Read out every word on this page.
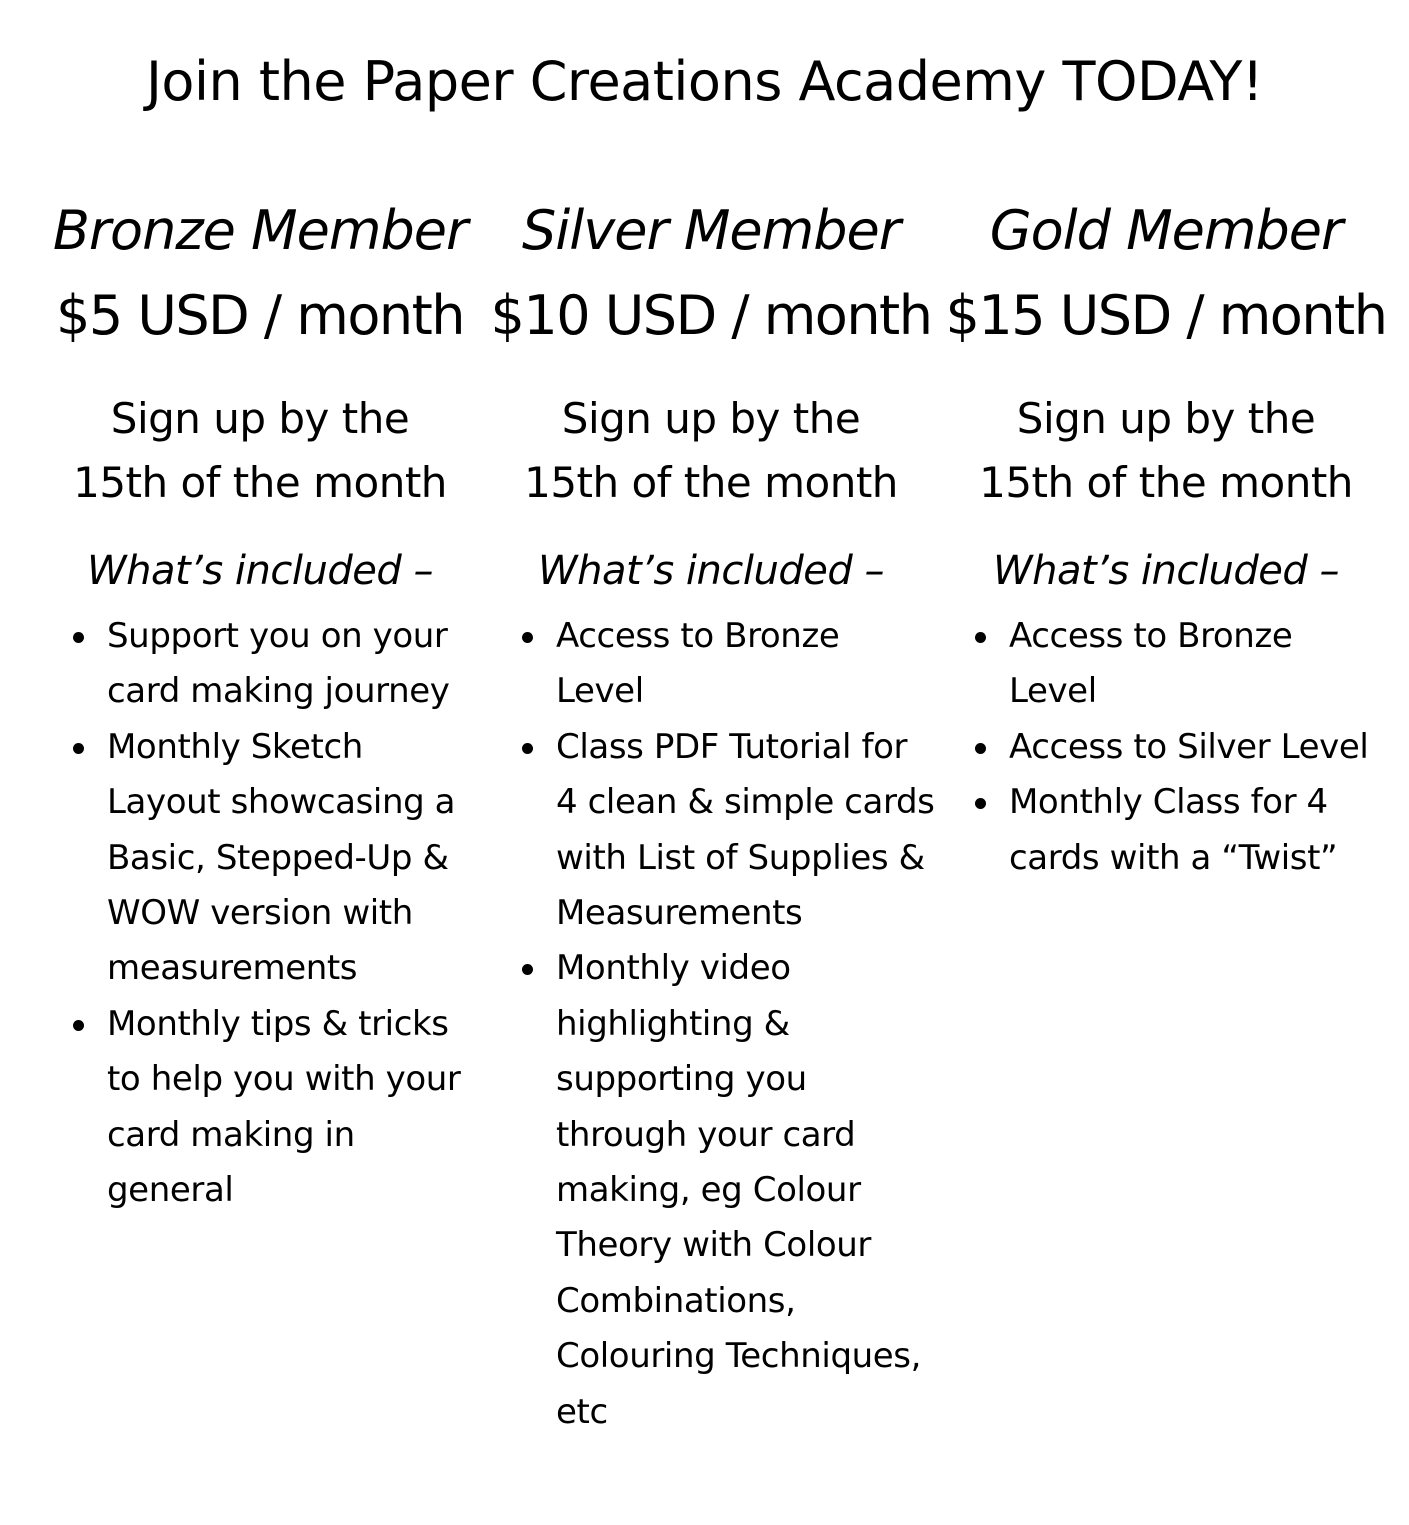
Join the Paper Creations Academy TODAY!
Bronze Member
$5 USD / month
Sign up by the
15th of the month
What’s included –
Support you on your card making journey
Monthly Sketch Layout showcasing a Basic, Stepped-Up & WOW version with measurements
Monthly tips & tricks to help you with your card making in general
Silver Member
$10 USD / month
Sign up by the
15th of the month
What’s included –
Access to Bronze Level
Class PDF Tutorial for 4 clean & simple cards with List of Supplies & Measurements
Monthly video highlighting & supporting you through your card making, eg Colour Theory with Colour Combinations, Colouring Techniques, etc
Gold Member
$15 USD / month
Sign up by the
15th of the month
What’s included –
Access to Bronze Level
Access to Silver Level
Monthly Class for 4 cards with a “Twist”
